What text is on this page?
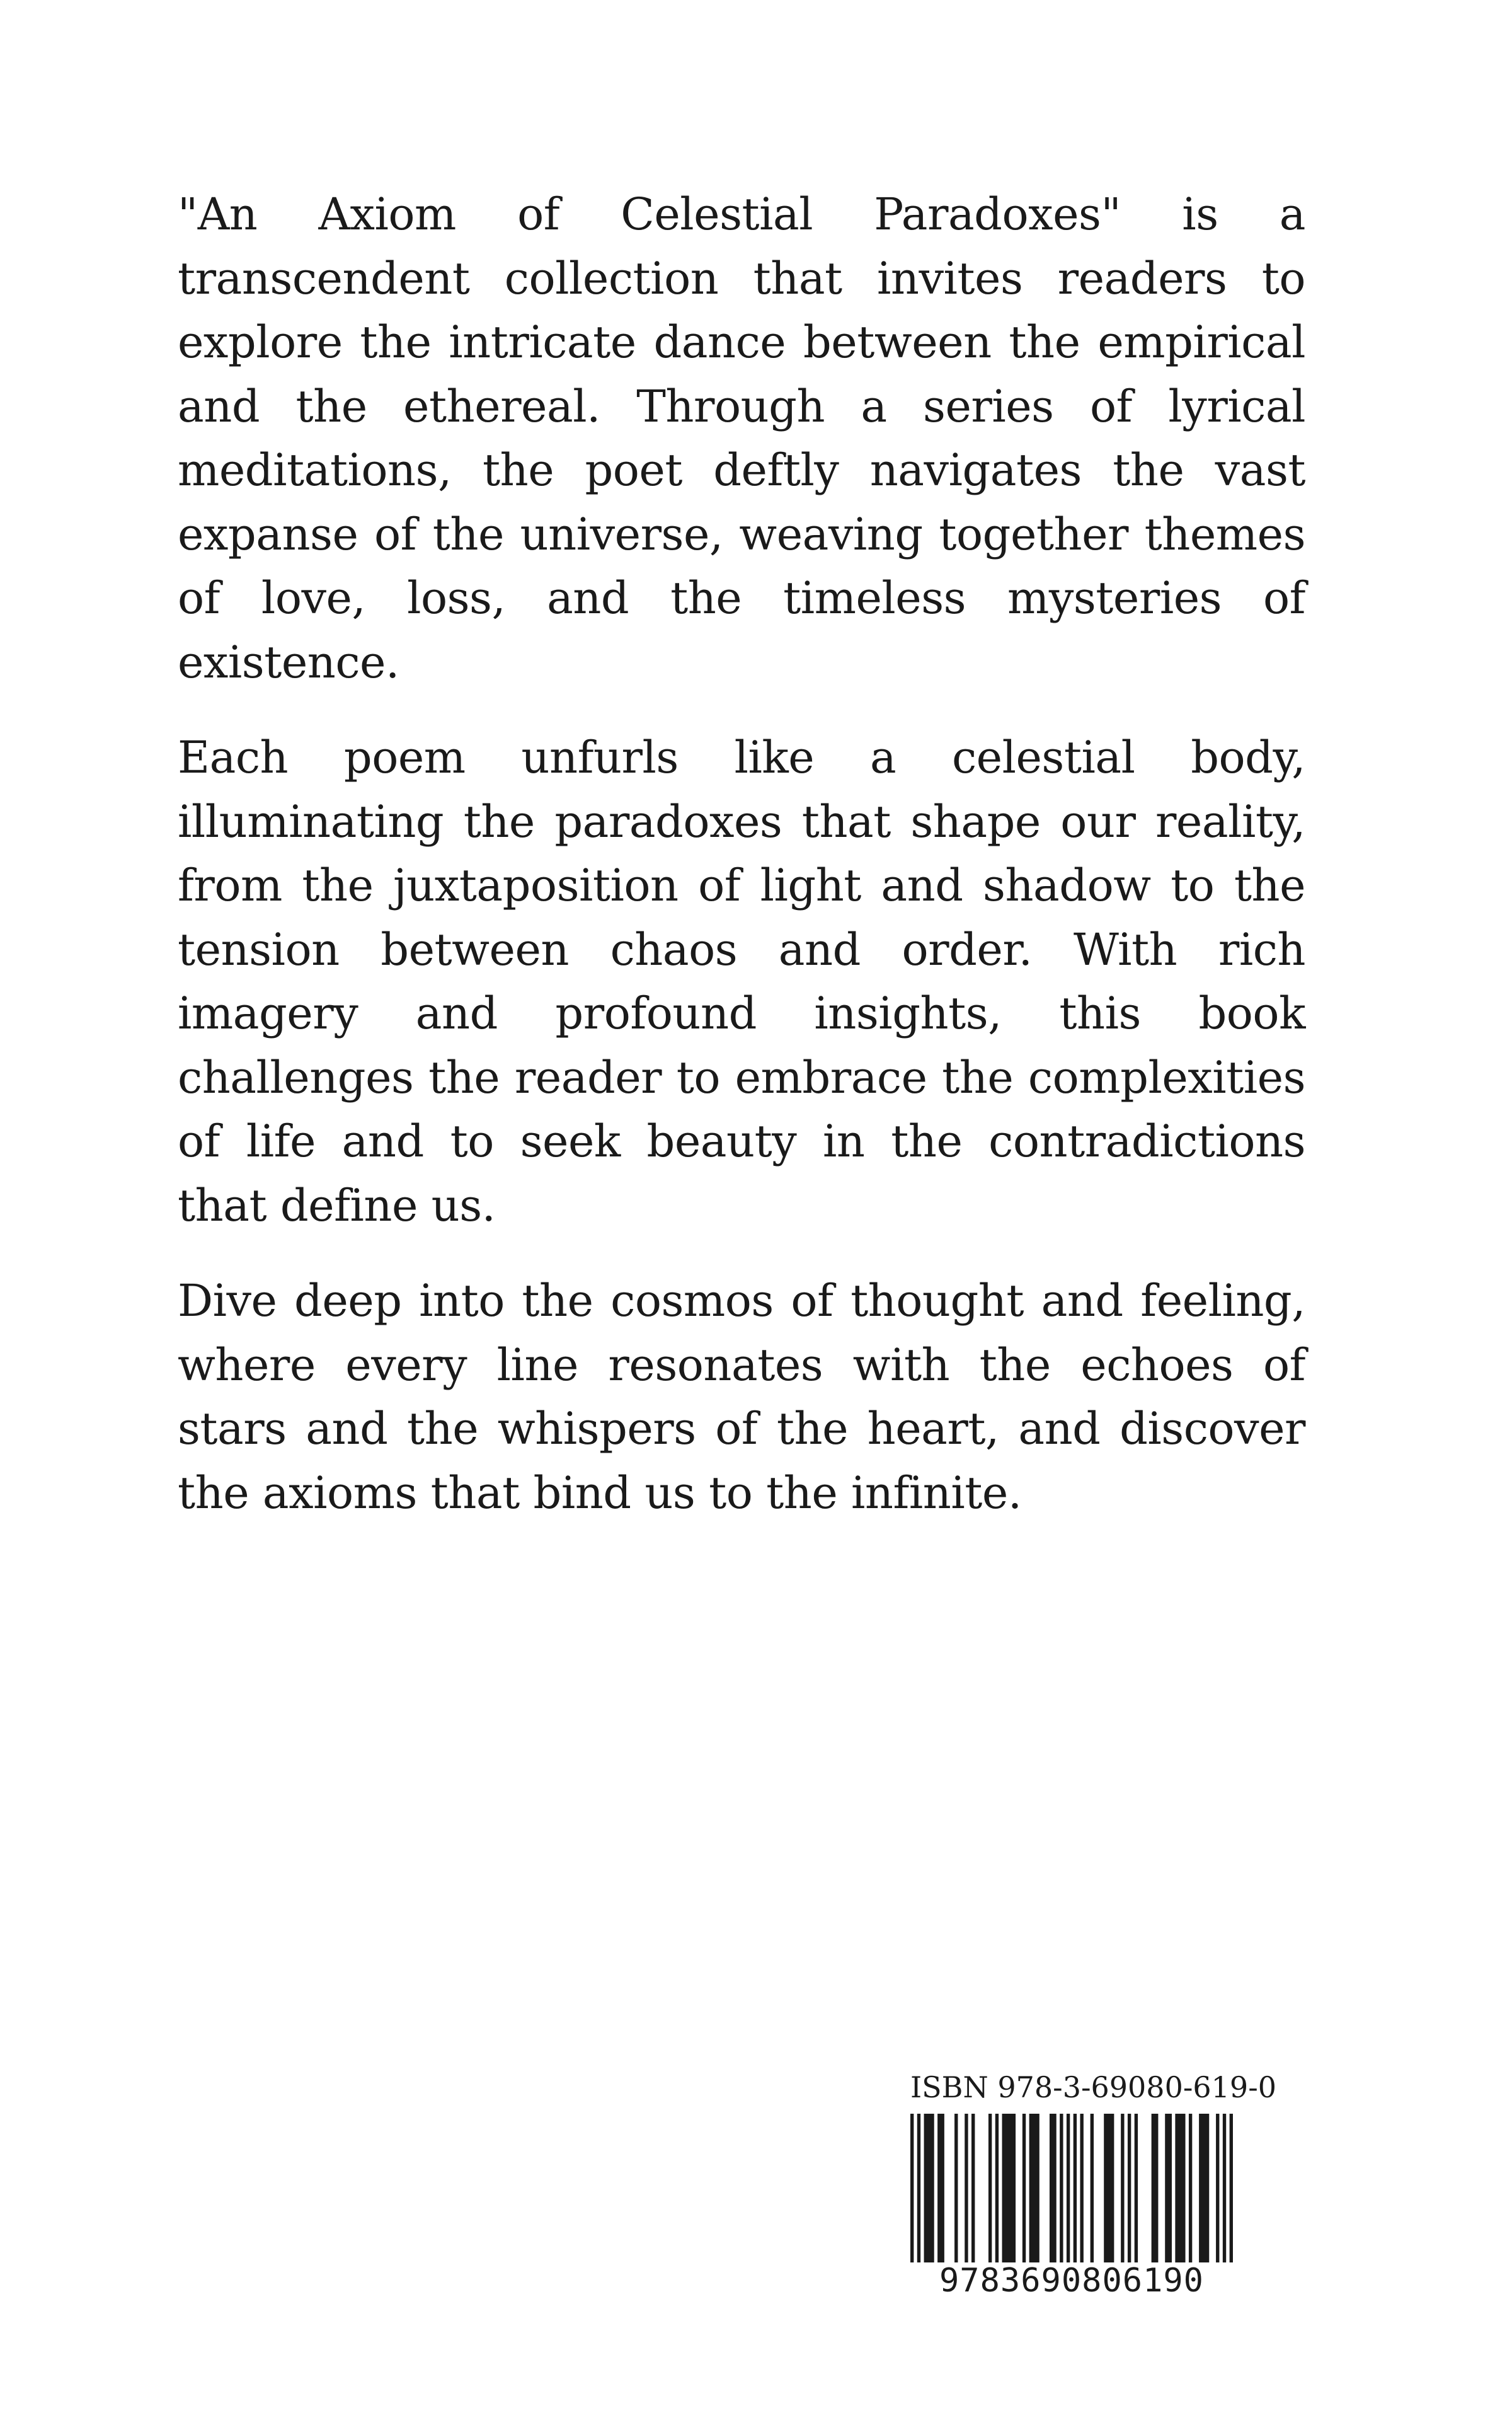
"An Axiom of Celestial Paradoxes" is a transcendent collection that invites readers to explore the intricate dance between the empirical and the ethereal. Through a series of lyrical meditations, the poet deftly navigates the vast expanse of the universe, weaving together themes of love, loss, and the timeless mysteries of existence.

Each poem unfurls like a celestial body, illuminating the paradoxes that shape our reality, from the juxtaposition of light and shadow to the tension between chaos and order. With rich imagery and profound insights, this book challenges the reader to embrace the complexities of life and to seek beauty in the contradictions that define us.

Dive deep into the cosmos of thought and feeling, where every line resonates with the echoes of stars and the whispers of the heart, and discover the axioms that bind us to the infinite.

ISBN 978-3-69080-619-0
9783690806190
